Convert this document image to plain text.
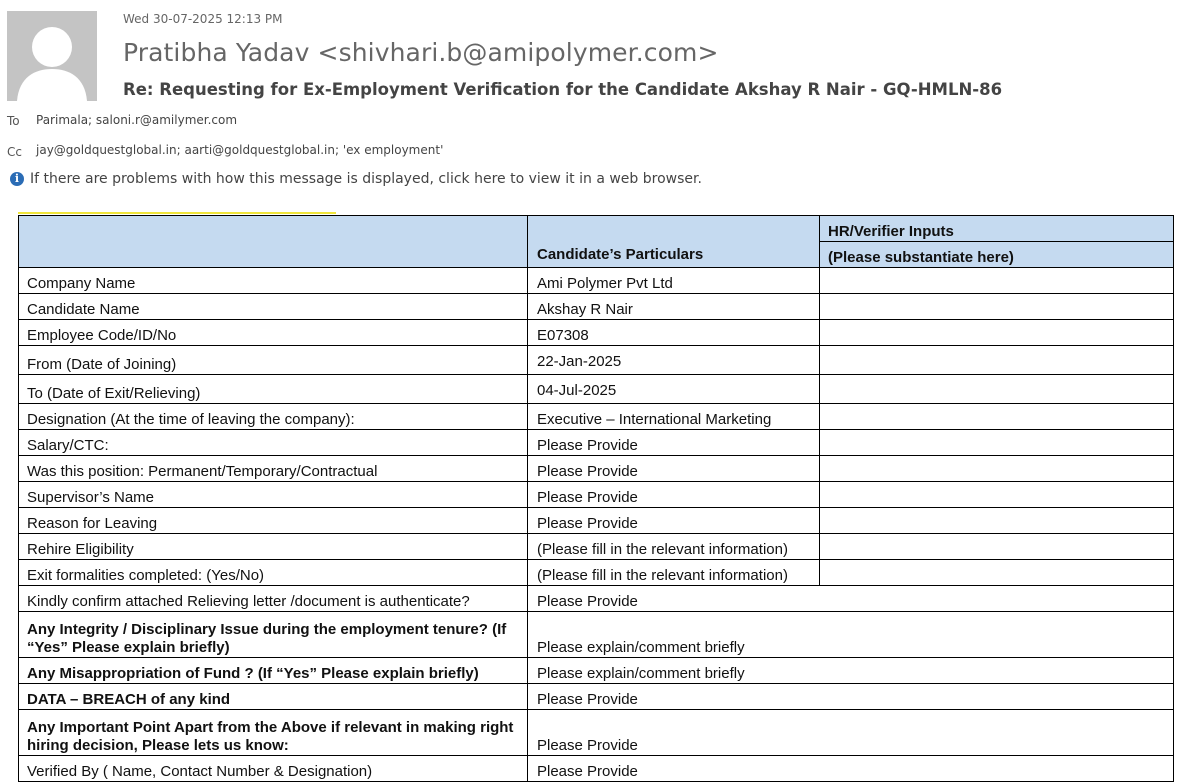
Wed 30-07-2025 12:13 PM
Pratibha Yadav <shivhari.b@amipolymer.com>
Re: Requesting for Ex-Employment Verification for the Candidate Akshay R Nair - GQ-HMLN-86
To Parimala; saloni.r@amilymer.com
Cc jay@goldquestglobal.in; aarti@goldquestglobal.in; 'ex employment'
i If there are problems with how this message is displayed, click here to view it in a web browser.
	Candidate’s Particulars	HR/Verifier Inputs
		(Please substantiate here)
Company Name	Ami Polymer Pvt Ltd	
Candidate Name	Akshay R Nair	
Employee Code/ID/No	E07308	
From (Date of Joining)	22-Jan-2025	
To (Date of Exit/Relieving)	04-Jul-2025	
Designation (At the time of leaving the company):	Executive – International Marketing	
Salary/CTC:	Please Provide	
Was this position: Permanent/Temporary/Contractual	Please Provide	
Supervisor’s Name	Please Provide	
Reason for Leaving	Please Provide	
Rehire Eligibility	(Please fill in the relevant information)	
Exit formalities completed: (Yes/No)	(Please fill in the relevant information)	
Kindly confirm attached Relieving letter /document is authenticate?	Please Provide	
Any Integrity / Disciplinary Issue during the employment tenure? (If “Yes” Please explain briefly)	Please explain/comment briefly	
Any Misappropriation of Fund ? (If “Yes” Please explain briefly)	Please explain/comment briefly	
DATA – BREACH of any kind	Please Provide	
Any Important Point Apart from the Above if relevant in making right hiring decision, Please lets us know:	Please Provide	
Verified By ( Name, Contact Number & Designation)	Please Provide	
